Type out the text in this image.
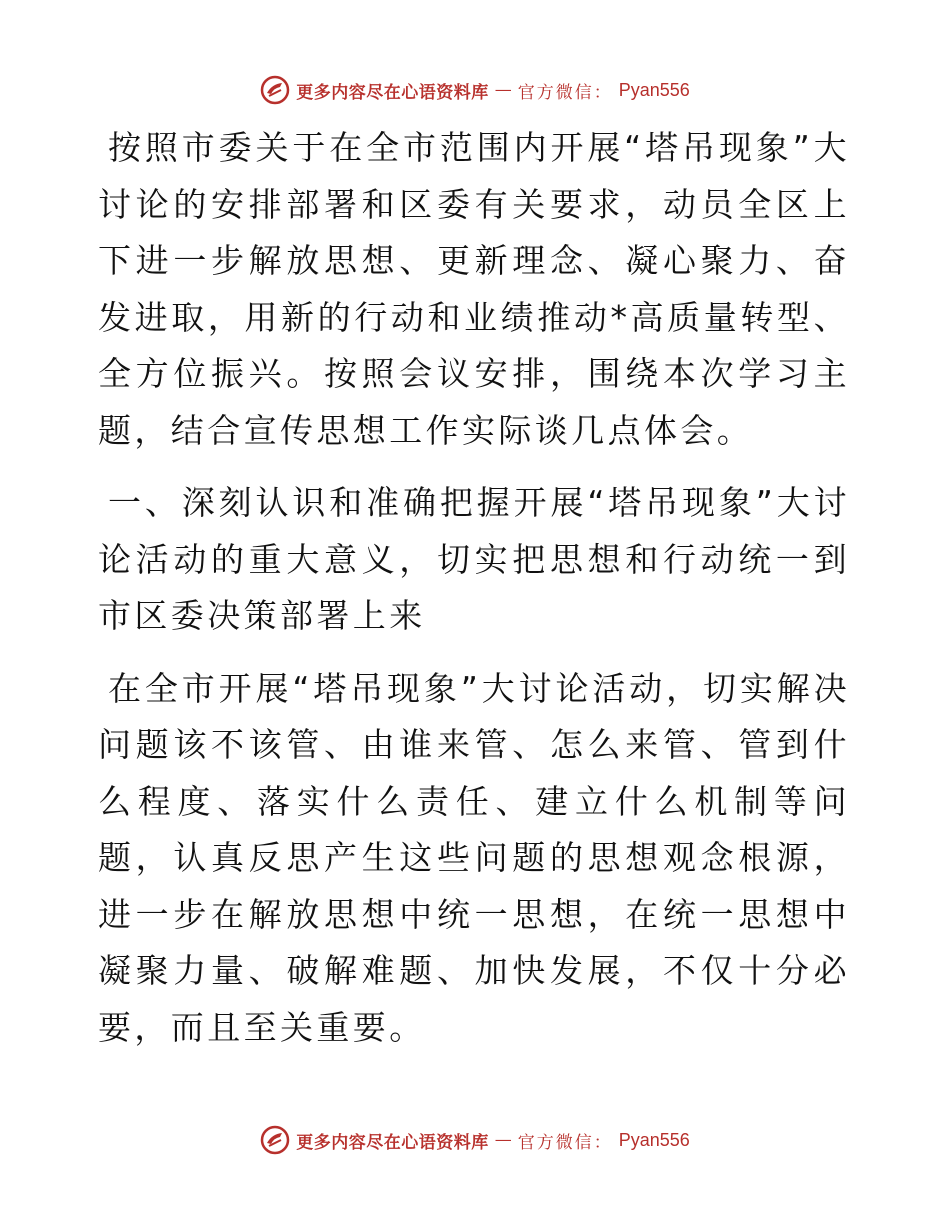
更多内容尽在心语资料库 — 官方微信： Pyan556

按照市委关于在全市范围内开展“塔吊现象”大讨论的安排部署和区委有关要求，动员全区上下进一步解放思想、更新理念、凝心聚力、奋发进取，用新的行动和业绩推动*高质量转型、全方位振兴。按照会议安排，围绕本次学习主题，结合宣传思想工作实际谈几点体会。

一、深刻认识和准确把握开展“塔吊现象”大讨论活动的重大意义，切实把思想和行动统一到市区委决策部署上来

在全市开展“塔吊现象”大讨论活动，切实解决问题该不该管、由谁来管、怎么来管、管到什么程度、落实什么责任、建立什么机制等问题，认真反思产生这些问题的思想观念根源，进一步在解放思想中统一思想，在统一思想中凝聚力量、破解难题、加快发展，不仅十分必要，而且至关重要。

更多内容尽在心语资料库 — 官方微信： Pyan556
